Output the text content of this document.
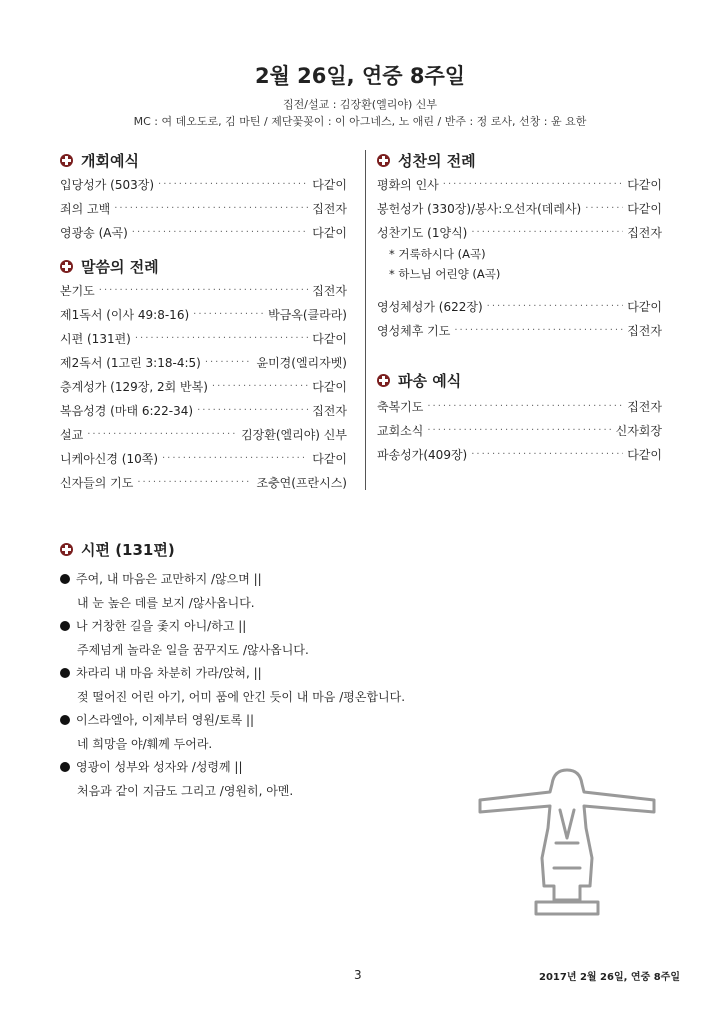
2월 26일, 연중 8주일
집전/설교 : 김장환(엘리야) 신부
MC : 여 데오도로, 김 마틴 / 제단꽃꽂이 : 이 아그네스, 노 애린 / 반주 : 정 로사, 선창 : 윤 요한
개회예식
입당성가 (503장) ·····	다같이
죄의 고백 ·····	집전자
영광송 (A곡) ·····	다같이
말씀의 전례
본기도 ·····	집전자
제1독서 (이사 49:8-16) ·····	박금옥(클라라)
시편 (131편) ·····	다같이
제2독서 (1고린 3:18-4:5) ·····	윤미경(엘리자벳)
층계성가 (129장, 2회 반복) ·····	다같이
복음성경 (마태 6:22-34) ·····	집전자
설교 ·····	김장환(엘리야) 신부
니케아신경 (10쪽) ·····	다같이
신자들의 기도 ·····	조충연(프란시스)
성찬의 전례
평화의 인사 ·····	다같이
봉헌성가 (330장)/봉사:오선자(데레사) ·····	다같이
성찬기도 (1양식) ·····	집전자
* 거룩하시다 (A곡)
* 하느님 어린양 (A곡)
영성체성가 (622장) ·····	다같이
영성체후 기도 ·····	집전자
파송 예식
축복기도 ·····	집전자
교회소식 ·····	신자회장
파송성가(409장) ·····	다같이
시편 (131편)
주여, 내 마음은 교만하지 /않으며 ||
내 눈 높은 데를 보지 /않사옵니다.
나 거창한 길을 좇지 아니/하고 ||
주제넘게 놀라운 일을 꿈꾸지도 /않사옵니다.
차라리 내 마음 차분히 가라/앉혀, ||
젖 떨어진 어린 아기, 어미 품에 안긴 듯이 내 마음 /평온합니다.
이스라엘아, 이제부터 영원/토록 ||
네 희망을 야/훼께 두어라.
영광이 성부와 성자와 /성령께 ||
처음과 같이 지금도 그리고 /영원히, 아멘.
3	2017년 2월 26일, 연중 8주일
